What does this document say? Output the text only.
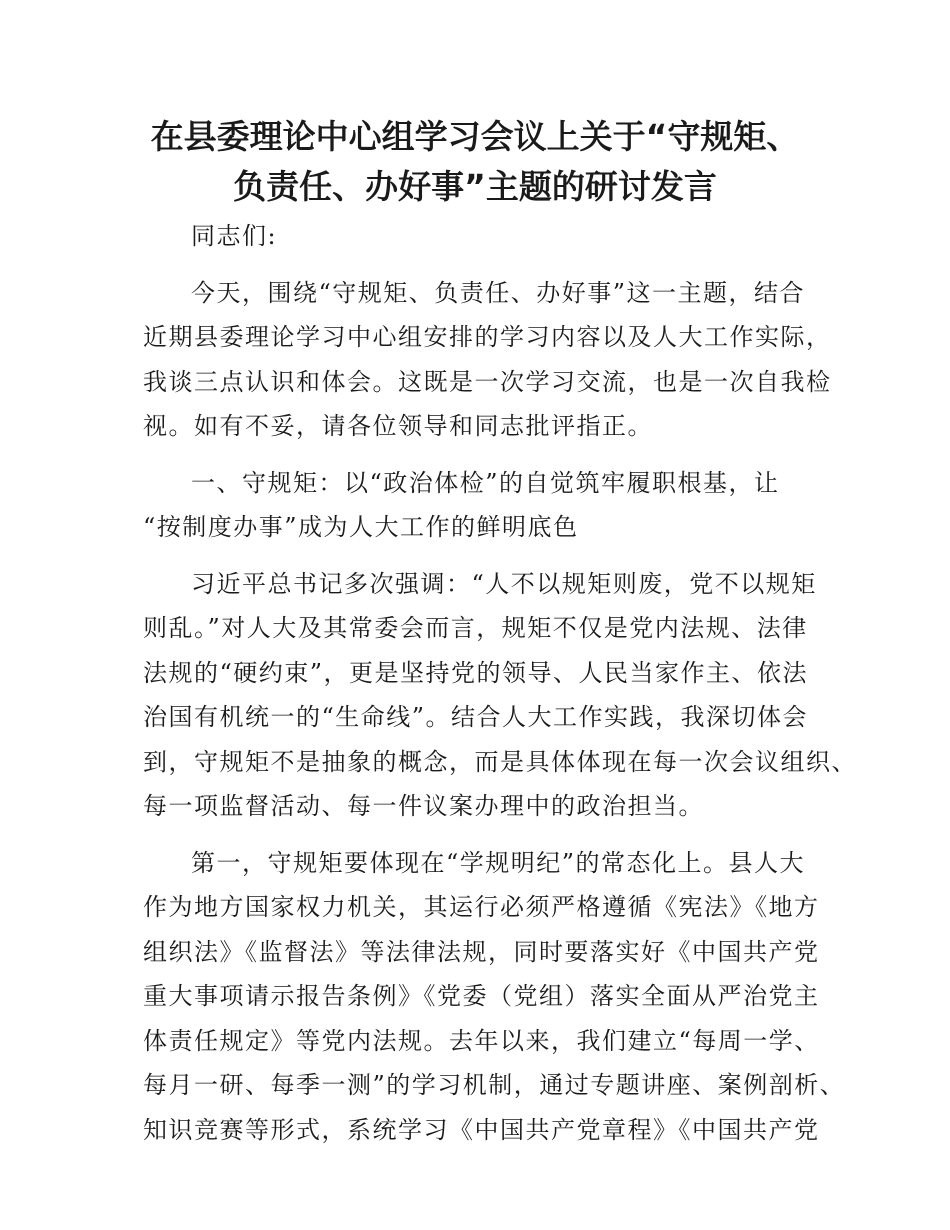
在县委理论中心组学习会议上关于“守规矩、
负责任、办好事”主题的研讨发言

同志们:

今天，围绕“守规矩、负责任、办好事”这一主题，结合
近期县委理论学习中心组安排的学习内容以及人大工作实际，
我谈三点认识和体会。这既是一次学习交流，也是一次自我检
视。如有不妥，请各位领导和同志批评指正。

一、守规矩：以“政治体检”的自觉筑牢履职根基，让
“按制度办事”成为人大工作的鲜明底色

习近平总书记多次强调：“人不以规矩则废，党不以规矩
则乱。”对人大及其常委会而言，规矩不仅是党内法规、法律
法规的“硬约束”，更是坚持党的领导、人民当家作主、依法
治国有机统一的“生命线”。结合人大工作实践，我深切体会
到，守规矩不是抽象的概念，而是具体体现在每一次会议组织、
每一项监督活动、每一件议案办理中的政治担当。

第一，守规矩要体现在“学规明纪”的常态化上。县人大
作为地方国家权力机关，其运行必须严格遵循《宪法》《地方
组织法》《监督法》等法律法规，同时要落实好《中国共产党
重大事项请示报告条例》《党委（党组）落实全面从严治党主
体责任规定》等党内法规。去年以来，我们建立“每周一学、
每月一研、每季一测”的学习机制，通过专题讲座、案例剖析、
知识竞赛等形式，系统学习《中国共产党章程》《中国共产党
